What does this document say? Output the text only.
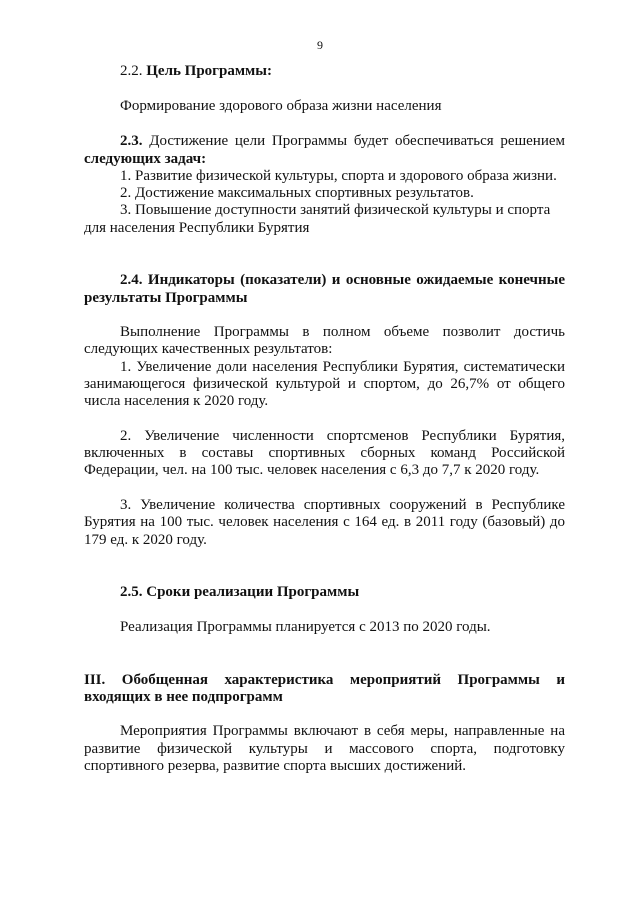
9
2.2. Цель Программы:
Формирование здорового образа жизни населения
2.3. Достижение цели Программы будет обеспечиваться решением
следующих задач:
1. Развитие физической культуры, спорта и здорового образа жизни.
2. Достижение максимальных спортивных результатов.
3. Повышение доступности занятий физической культуры и спорта
для населения Республики Бурятия
2.4. Индикаторы (показатели) и основные ожидаемые конечные
результаты Программы
Выполнение Программы в полном объеме позволит достичь
следующих качественных результатов:
1. Увеличение доли населения Республики Бурятия, систематически
занимающегося физической культурой и спортом, до 26,7% от общего
числа населения к 2020 году.
2. Увеличение численности спортсменов Республики Бурятия,
включенных в составы спортивных сборных команд Российской
Федерации, чел. на 100 тыс. человек населения с 6,3 до 7,7 к 2020 году.
3. Увеличение количества спортивных сооружений в Республике
Бурятия на 100 тыс. человек населения с 164 ед. в 2011 году (базовый) до
179 ед. к 2020 году.
2.5. Сроки реализации Программы
Реализация Программы планируется с 2013 по 2020 годы.
III. Обобщенная характеристика мероприятий Программы и
входящих в нее подпрограмм
Мероприятия Программы включают в себя меры, направленные на
развитие физической культуры и массового спорта, подготовку
спортивного резерва, развитие спорта высших достижений.
